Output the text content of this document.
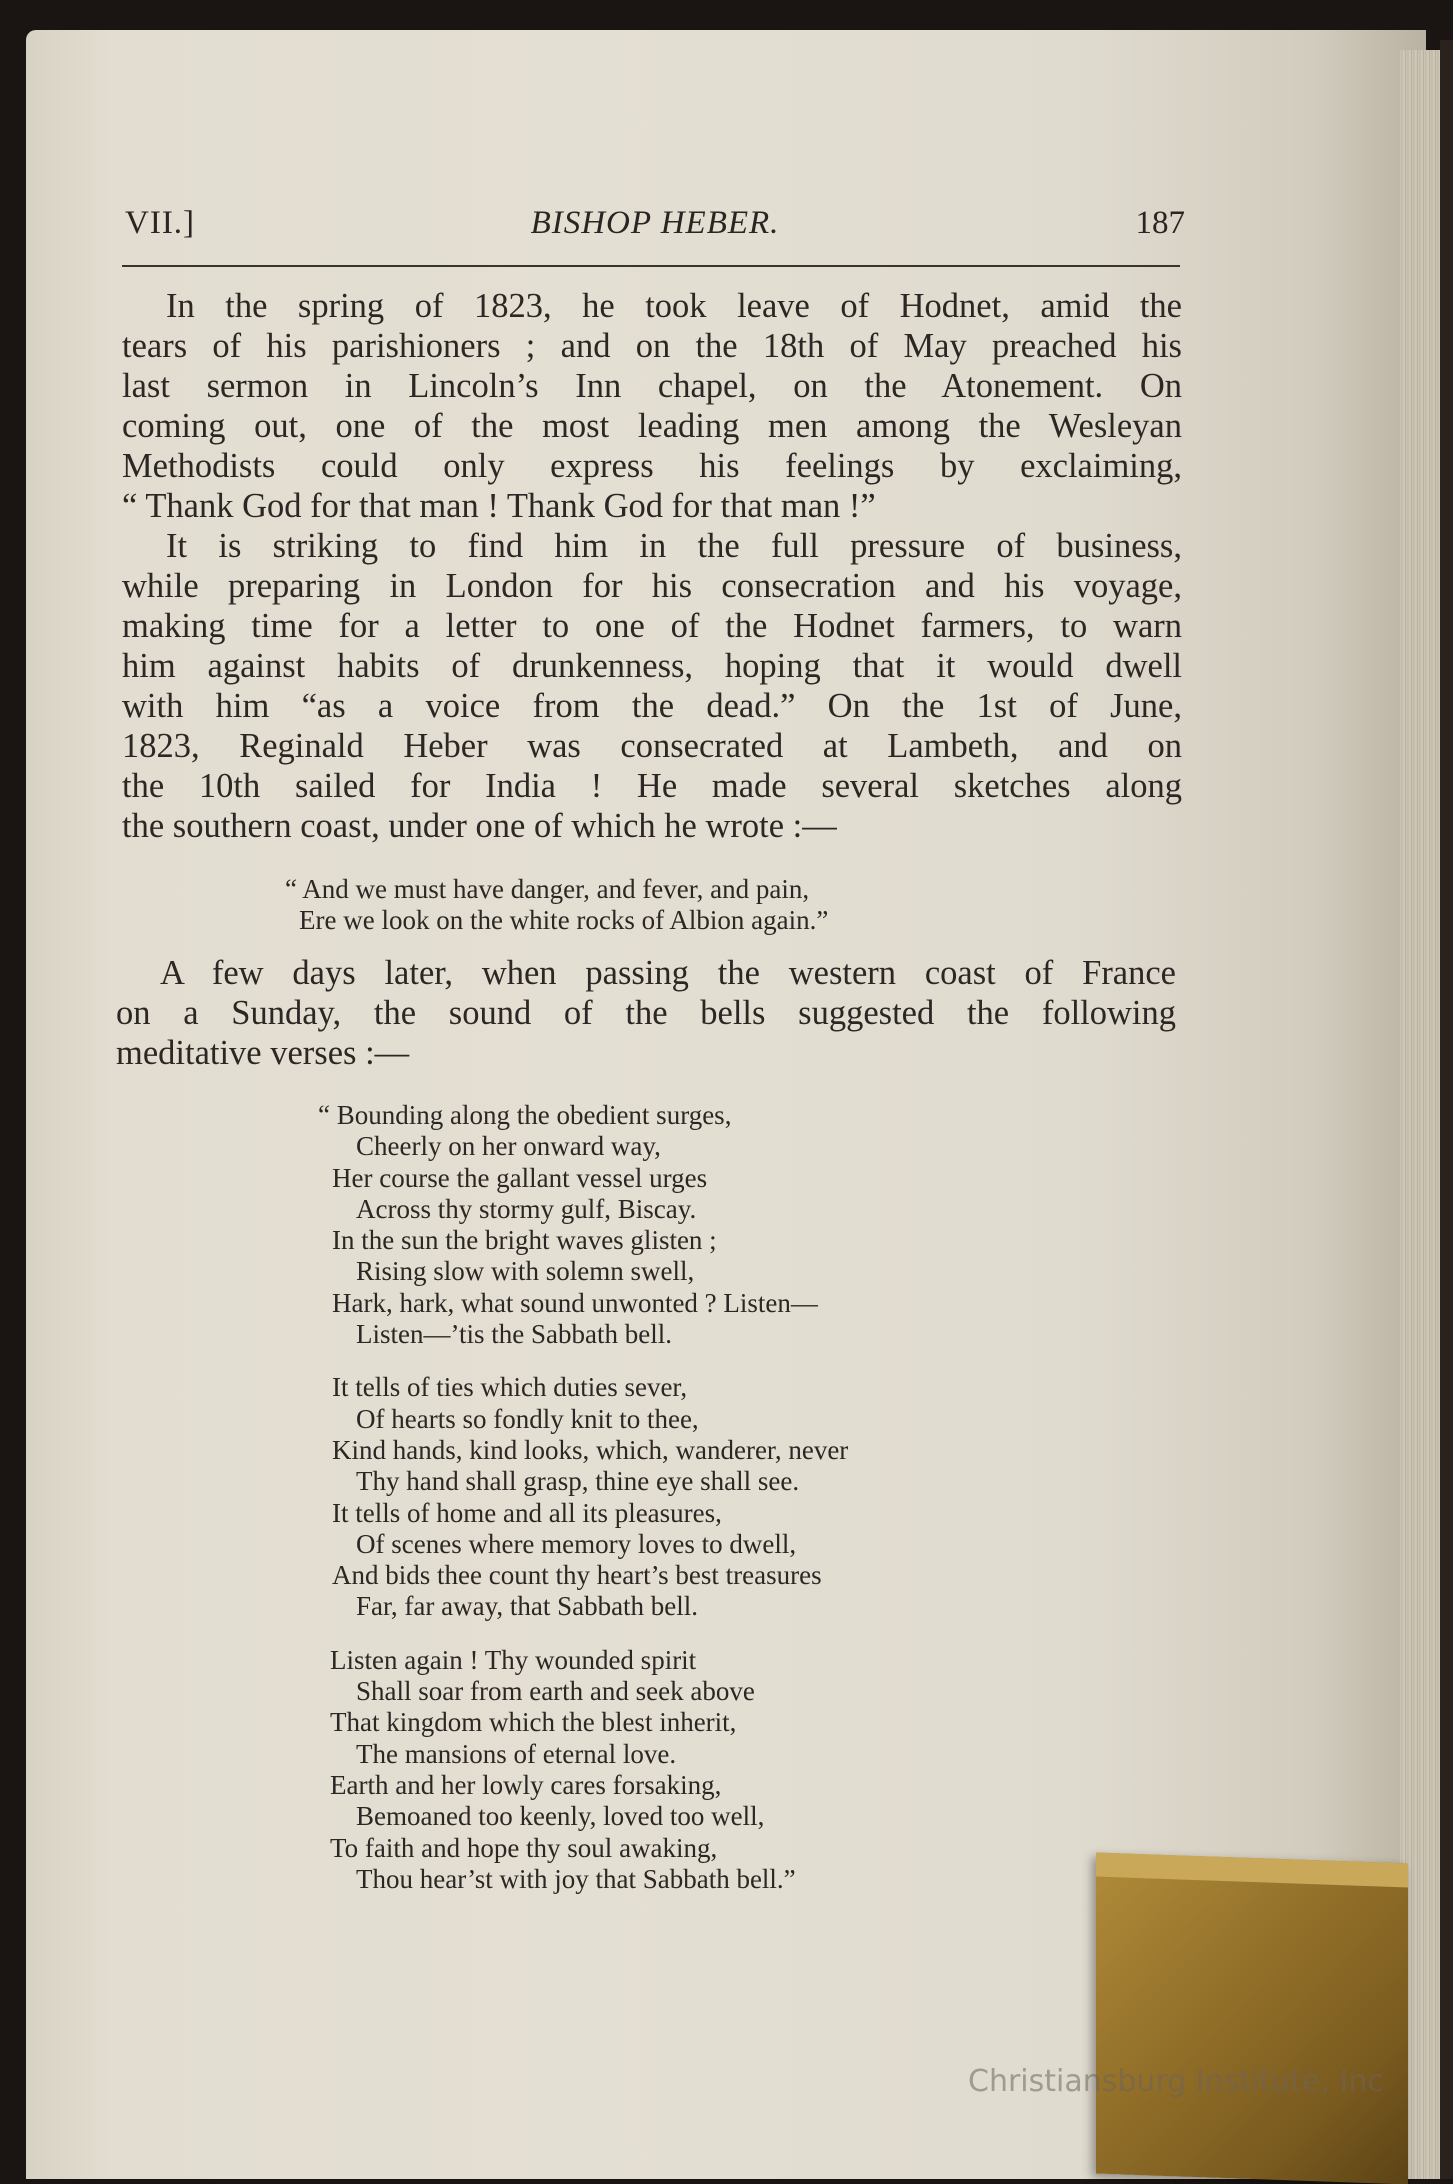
VII.]	BISHOP HEBER.	187
In the spring of 1823, he took leave of Hodnet, amid the
tears of his parishioners ; and on the 18th of May preached his
last sermon in Lincoln’s Inn chapel, on the Atonement. On
coming out, one of the most leading men among the Wesleyan
Methodists could only express his feelings by exclaiming,
“ Thank God for that man ! Thank God for that man !”
It is striking to find him in the full pressure of business,
while preparing in London for his consecration and his voyage,
making time for a letter to one of the Hodnet farmers, to warn
him against habits of drunkenness, hoping that it would dwell
with him “as a voice from the dead.” On the 1st of June,
1823, Reginald Heber was consecrated at Lambeth, and on
the 10th sailed for India ! He made several sketches along
the southern coast, under one of which he wrote :—
“ And we must have danger, and fever, and pain,
Ere we look on the white rocks of Albion again.”
A few days later, when passing the western coast of France
on a Sunday, the sound of the bells suggested the following
meditative verses :—
“ Bounding along the obedient surges,
Cheerly on her onward way,
Her course the gallant vessel urges
Across thy stormy gulf, Biscay.
In the sun the bright waves glisten ;
Rising slow with solemn swell,
Hark, hark, what sound unwonted ? Listen—
Listen—’tis the Sabbath bell.
It tells of ties which duties sever,
Of hearts so fondly knit to thee,
Kind hands, kind looks, which, wanderer, never
Thy hand shall grasp, thine eye shall see.
It tells of home and all its pleasures,
Of scenes where memory loves to dwell,
And bids thee count thy heart’s best treasures
Far, far away, that Sabbath bell.
Listen again ! Thy wounded spirit
Shall soar from earth and seek above
That kingdom which the blest inherit,
The mansions of eternal love.
Earth and her lowly cares forsaking,
Bemoaned too keenly, loved too well,
To faith and hope thy soul awaking,
Thou hear’st with joy that Sabbath bell.”
Christiansburg Institute, Inc
